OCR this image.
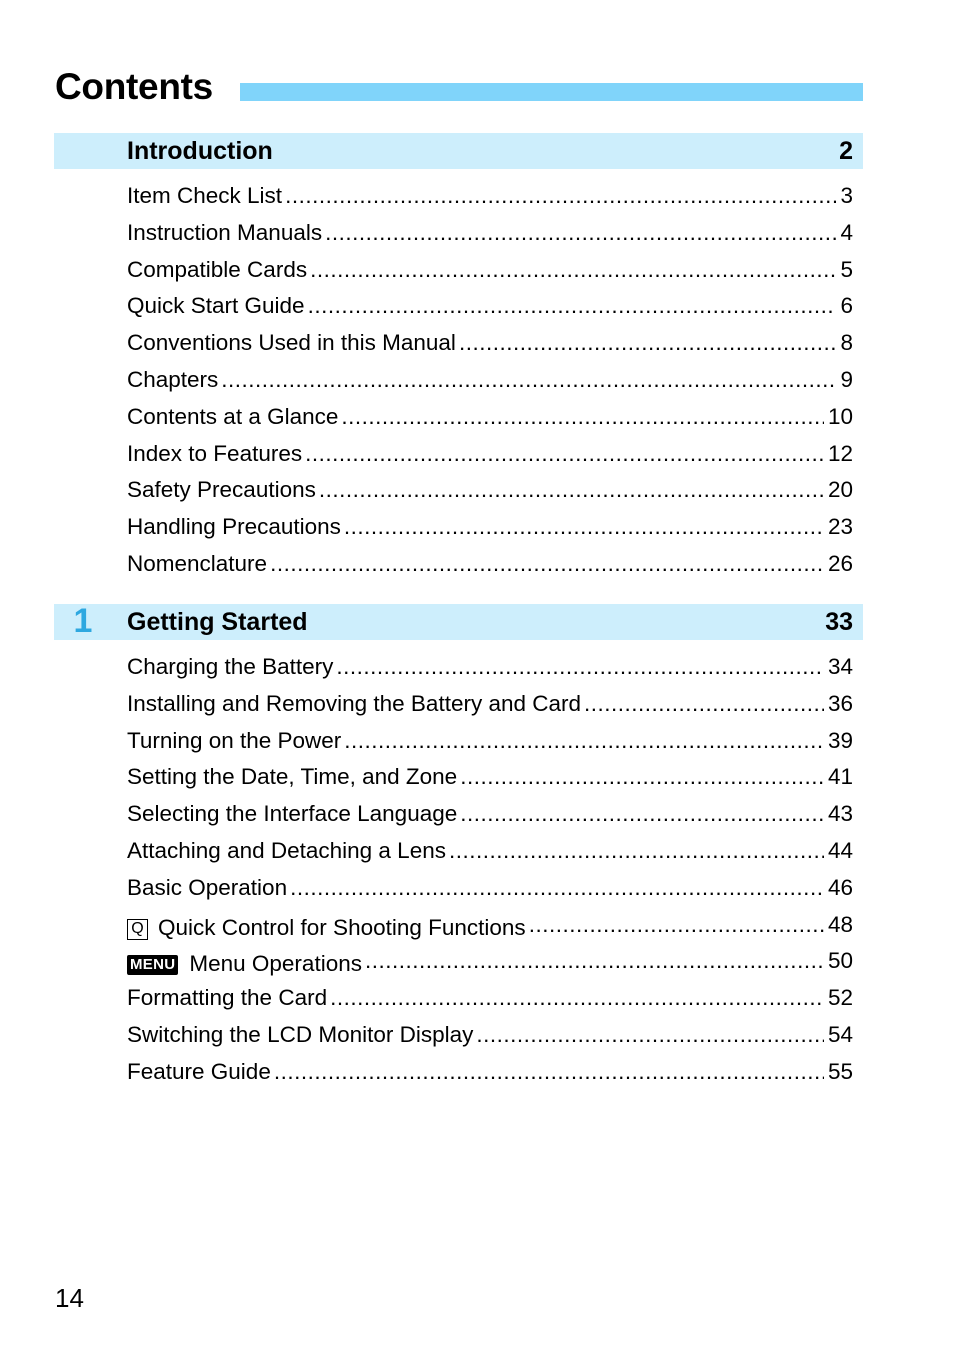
Contents
Introduction	2
Item Check List .....	3
Instruction Manuals .....	4
Compatible Cards .....	5
Quick Start Guide .....	6
Conventions Used in this Manual .....	8
Chapters .....	9
Contents at a Glance .....	10
Index to Features .....	12
Safety Precautions .....	20
Handling Precautions .....	23
Nomenclature .....	26
1 Getting Started	33
Charging the Battery .....	34
Installing and Removing the Battery and Card .....	36
Turning on the Power .....	39
Setting the Date, Time, and Zone .....	41
Selecting the Interface Language .....	43
Attaching and Detaching a Lens .....	44
Basic Operation .....	46
Q Quick Control for Shooting Functions .....	48
MENU Menu Operations .....	50
Formatting the Card .....	52
Switching the LCD Monitor Display .....	54
Feature Guide .....	55
14
